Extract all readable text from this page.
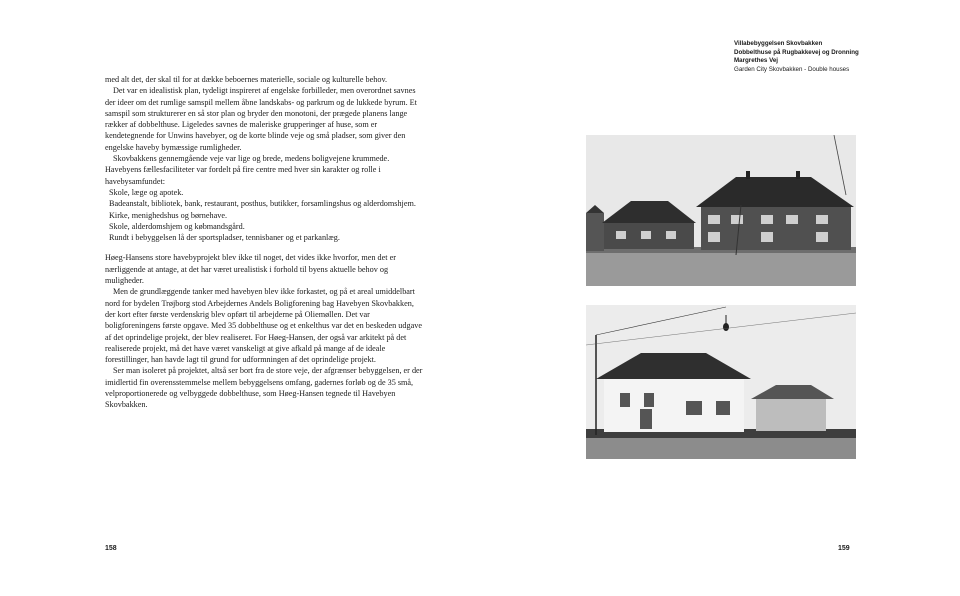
med alt det, der skal til for at dække beboernes materielle, sociale og kulturelle behov.

Det var en idealistisk plan, tydeligt inspireret af engelske forbilleder, men overordnet savnes der ideer om det rumlige samspil mellem åbne landskabs- og parkrum og de lukkede byrum. Et samspil som strukturerer en så stor plan og bryder den monotoni, der prægede planens lange rækker af dobbelthuse. Ligeledes savnes de maleriske grupperinger af huse, som er kendetegnende for Unwins havebyer, og de korte blinde veje og små pladser, som giver den engelske haveby bymæssige rumligheder.

Skovbakkens gennemgående veje var lige og brede, medens boligvejene krummede. Havebyens fællesfaciliteter var fordelt på fire centre med hver sin karakter og rolle i havebysamfundet:

Skole, læge og apotek.
Badeanstalt, bibliotek, bank, restaurant, posthus, butikker, forsamlingshus og alderdomshjem.
Kirke, menighedshus og børnehave.
Skole, alderdomshjem og købmandsgård.
Rundt i bebyggelsen lå der sportspladser, tennisbaner og et parkanlæg.

Høeg-Hansens store havebyprojekt blev ikke til noget, det vides ikke hvorfor, men det er nærliggende at antage, at det har været urealistisk i forhold til byens aktuelle behov og muligheder.

Men de grundlæggende tanker med havebyen blev ikke forkastet, og på et areal umiddelbart nord for bydelen Trøjborg stod Arbejdernes Andels Boligforening bag Havebyen Skovbakken, der kort efter første verdenskrig blev opført til arbejderne på Oliemøllen. Det var boligforeningens første opgave. Med 35 dobbelthuse og et enkelthus var det en beskeden udgave af det oprindelige projekt, der blev realiseret. For Høeg-Hansen, der også var arkitekt på det realiserede projekt, må det have været vanskeligt at give afkald på mange af de ideale forestillinger, han havde lagt til grund for udformningen af det oprindelige projekt.

Ser man isoleret på projektet, altså ser bort fra de store veje, der afgrænser bebyggelsen, er der imidlertid fin overensstemmelse mellem bebyggelsens omfang, gadernes forløb og de 35 små, velproportionerede og velbyggede dobbelthuse, som Høeg-Hansen tegnede til Havebyen Skovbakken.

158
Villabebyggelsen Skovbakken
Dobbelthuse på Rugbakkevej og Dronning Margrethes Vej
Garden City Skovbakken - Double houses
159
